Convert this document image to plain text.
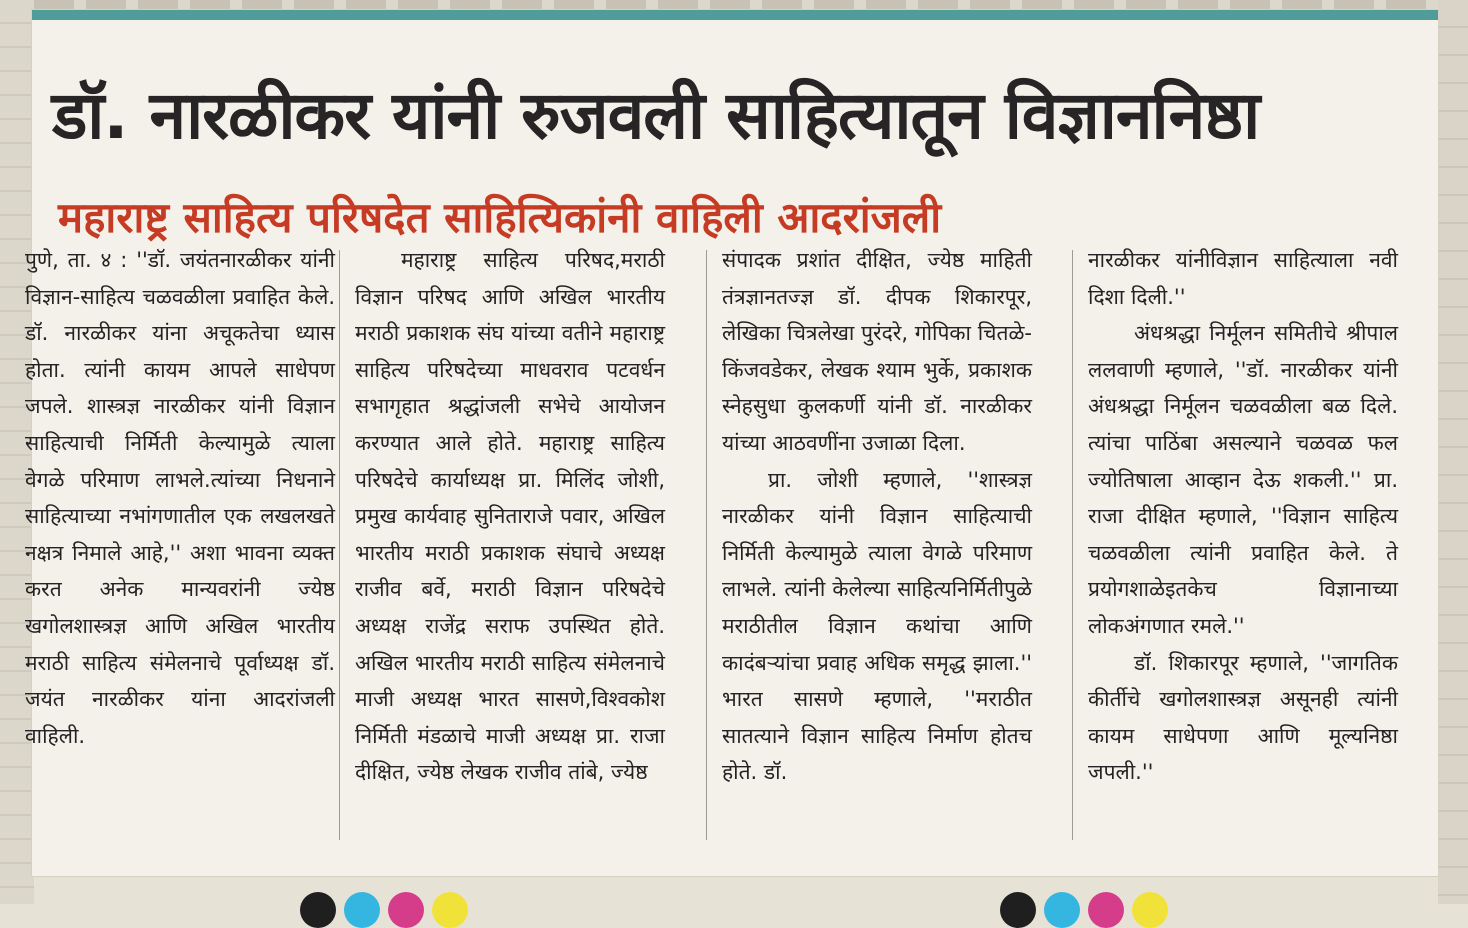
डॉ. नारळीकर यांनी रुजवली साहित्यातून विज्ञाननिष्ठा
महाराष्ट्र साहित्य परिषदेत साहित्यिकांनी वाहिली आदरांजली

पुणे, ता. ४ : ''डॉ. जयंतनारळीकर यांनी विज्ञान-साहित्य चळवळीला प्रवाहित केले. डॉ. नारळीकर यांना अचूकतेचा ध्यास होता. त्यांनी कायम आपले साधेपण जपले. शास्त्रज्ञ नारळीकर यांनी विज्ञान साहित्याची निर्मिती केल्यामुळे त्याला वेगळे परिमाण लाभले.त्यांच्या निधनाने साहित्याच्या नभांगणातील एक लखलखते नक्षत्र निमाले आहे,'' अशा भावना व्यक्त करत अनेक मान्यवरांनी ज्येष्ठ खगोलशास्त्रज्ञ आणि अखिल भारतीय मराठी साहित्य संमेलनाचे पूर्वाध्यक्ष डॉ. जयंत नारळीकर यांना आदरांजली वाहिली.

महाराष्ट्र साहित्य परिषद,मराठी विज्ञान परिषद आणि अखिल भारतीय मराठी प्रकाशक संघ यांच्या वतीने महाराष्ट्र साहित्य परिषदेच्या माधवराव पटवर्धन सभागृहात श्रद्धांजली सभेचे आयोजन करण्यात आले होते. महाराष्ट्र साहित्य परिषदेचे कार्याध्यक्ष प्रा. मिलिंद जोशी, प्रमुख कार्यवाह सुनिताराजे पवार, अखिल भारतीय मराठी प्रकाशक संघाचे अध्यक्ष राजीव बर्वे, मराठी विज्ञान परिषदेचे अध्यक्ष राजेंद्र सराफ उपस्थित होते. अखिल भारतीय मराठी साहित्य संमेलनाचे माजी अध्यक्ष भारत सासणे,विश्वकोश निर्मिती मंडळाचे माजी अध्यक्ष प्रा. राजा दीक्षित, ज्येष्ठ लेखक राजीव तांबे, ज्येष्ठ

संपादक प्रशांत दीक्षित, ज्येष्ठ माहिती तंत्रज्ञानतज्ज्ञ डॉ. दीपक शिकारपूर, लेखिका चित्रलेखा पुरंदरे, गोपिका चितळे-किंजवडेकर, लेखक श्याम भुर्के, प्रकाशक स्नेहसुधा कुलकर्णी यांनी डॉ. नारळीकर यांच्या आठवणींना उजाळा दिला.

प्रा. जोशी म्हणाले, ''शास्त्रज्ञ नारळीकर यांनी विज्ञान साहित्याची निर्मिती केल्यामुळे त्याला वेगळे परिमाण लाभले. त्यांनी केलेल्या साहित्यनिर्मितीपुळे मराठीतील विज्ञान कथांचा आणि कादंबऱ्यांचा प्रवाह अधिक समृद्ध झाला.'' भारत सासणे म्हणाले, ''मराठीत सातत्याने विज्ञान साहित्य निर्माण होतच होते. डॉ.

नारळीकर यांनीविज्ञान साहित्याला नवी दिशा दिली.''

अंधश्रद्धा निर्मूलन समितीचे श्रीपाल ललवाणी म्हणाले, ''डॉ. नारळीकर यांनी अंधश्रद्धा निर्मूलन चळवळीला बळ दिले. त्यांचा पाठिंबा असल्याने चळवळ फल ज्योतिषाला आव्हान देऊ शकली.'' प्रा. राजा दीक्षित म्हणाले, ''विज्ञान साहित्य चळवळीला त्यांनी प्रवाहित केले. ते प्रयोगशाळेइतकेच विज्ञानाच्या लोकअंगणात रमले.''

डॉ. शिकारपूर म्हणाले, ''जागतिक कीर्तीचे खगोलशास्त्रज्ञ असूनही त्यांनी कायम साधेपणा आणि मूल्यनिष्ठा जपली.''
